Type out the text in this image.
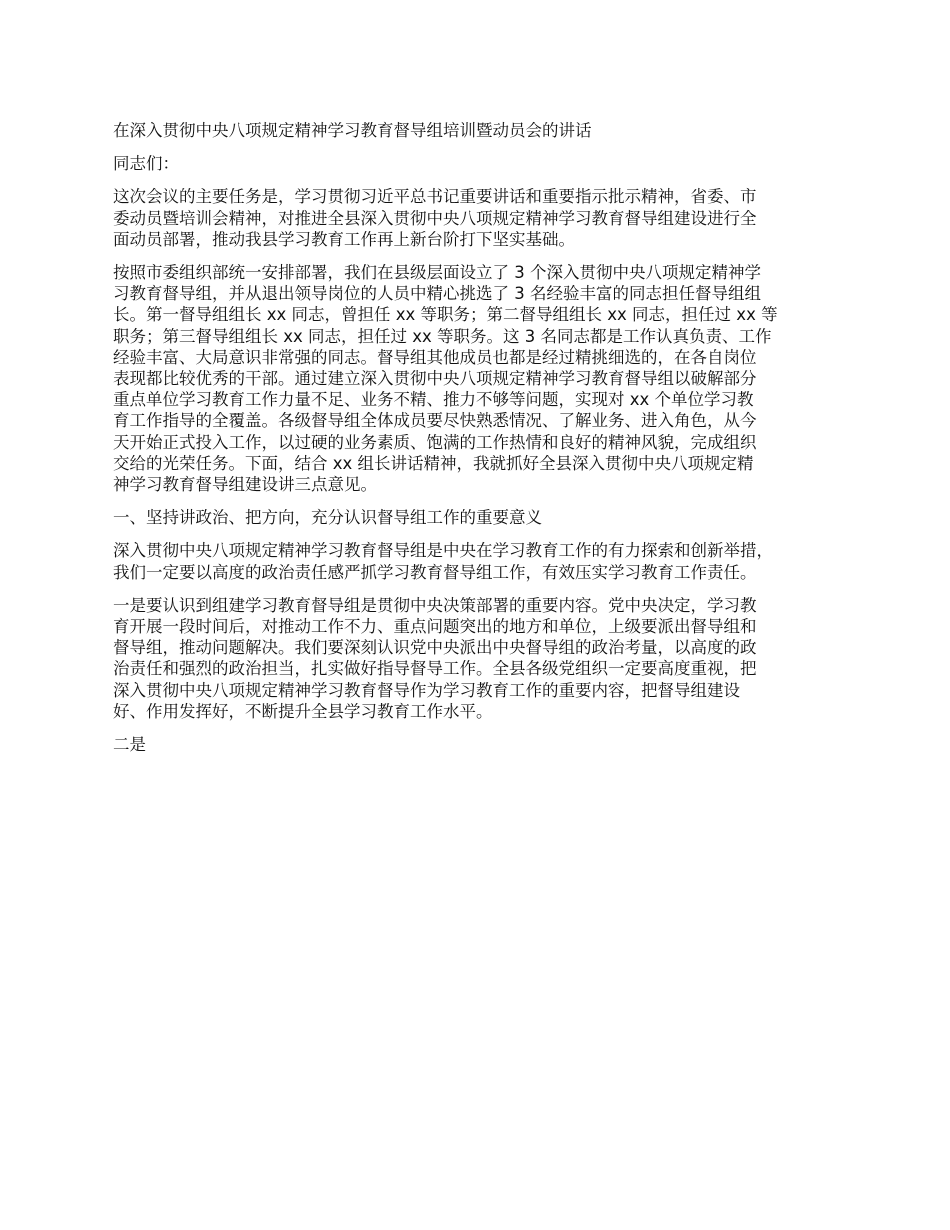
在深入贯彻中央八项规定精神学习教育督导组培训暨动员会的讲话

同志们：

这次会议的主要任务是，学习贯彻习近平总书记重要讲话和重要指示批示精神，省委、市
委动员暨培训会精神，对推进全县深入贯彻中央八项规定精神学习教育督导组建设进行全
面动员部署，推动我县学习教育工作再上新台阶打下坚实基础。

按照市委组织部统一安排部署，我们在县级层面设立了 3 个深入贯彻中央八项规定精神学
习教育督导组，并从退出领导岗位的人员中精心挑选了 3 名经验丰富的同志担任督导组组
长。第一督导组组长 xx 同志，曾担任 xx 等职务；第二督导组组长 xx 同志，担任过 xx 等
职务；第三督导组组长 xx 同志，担任过 xx 等职务。这 3 名同志都是工作认真负责、工作
经验丰富、大局意识非常强的同志。督导组其他成员也都是经过精挑细选的，在各自岗位
表现都比较优秀的干部。通过建立深入贯彻中央八项规定精神学习教育督导组以破解部分
重点单位学习教育工作力量不足、业务不精、推力不够等问题，实现对 xx 个单位学习教
育工作指导的全覆盖。各级督导组全体成员要尽快熟悉情况、了解业务、进入角色，从今
天开始正式投入工作，以过硬的业务素质、饱满的工作热情和良好的精神风貌，完成组织
交给的光荣任务。下面，结合 xx 组长讲话精神，我就抓好全县深入贯彻中央八项规定精
神学习教育督导组建设讲三点意见。

一、坚持讲政治、把方向，充分认识督导组工作的重要意义

深入贯彻中央八项规定精神学习教育督导组是中央在学习教育工作的有力探索和创新举措，
我们一定要以高度的政治责任感严抓学习教育督导组工作，有效压实学习教育工作责任。

一是要认识到组建学习教育督导组是贯彻中央决策部署的重要内容。党中央决定，学习教
育开展一段时间后，对推动工作不力、重点问题突出的地方和单位，上级要派出督导组和
督导组，推动问题解决。我们要深刻认识党中央派出中央督导组的政治考量，以高度的政
治责任和强烈的政治担当，扎实做好指导督导工作。全县各级党组织一定要高度重视，把
深入贯彻中央八项规定精神学习教育督导作为学习教育工作的重要内容，把督导组建设
好、作用发挥好，不断提升全县学习教育工作水平。

二是
